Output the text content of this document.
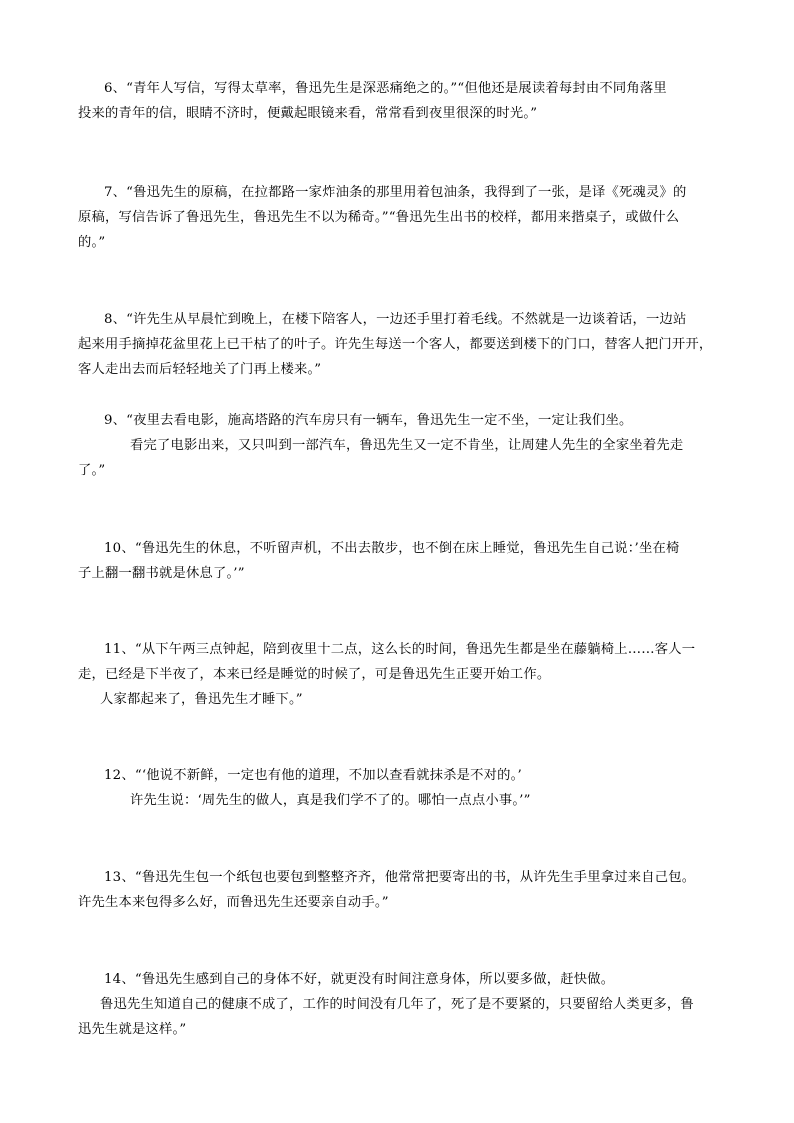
6、“青年人写信，写得太草率，鲁迅先生是深恶痛绝之的。”“但他还是展读着每封由不同角落里
投来的青年的信，眼睛不济时，便戴起眼镜来看，常常看到夜里很深的时光。”
7、“鲁迅先生的原稿，在拉都路一家炸油条的那里用着包油条，我得到了一张，是译《死魂灵》的
原稿，写信告诉了鲁迅先生，鲁迅先生不以为稀奇。”“鲁迅先生出书的校样，都用来揩桌子，或做什么
的。”
8、“许先生从早晨忙到晚上，在楼下陪客人，一边还手里打着毛线。不然就是一边谈着话，一边站
起来用手摘掉花盆里花上已干枯了的叶子。许先生每送一个客人，都要送到楼下的门口，替客人把门开开，
客人走出去而后轻轻地关了门再上楼来。”
9、“夜里去看电影，施高塔路的汽车房只有一辆车，鲁迅先生一定不坐，一定让我们坐。
看完了电影出来，又只叫到一部汽车，鲁迅先生又一定不肯坐，让周建人先生的全家坐着先走
了。”
10、“鲁迅先生的休息，不听留声机，不出去散步，也不倒在床上睡觉，鲁迅先生自己说：’坐在椅
子上翻一翻书就是休息了。’”
11、“从下午两三点钟起，陪到夜里十二点，这么长的时间，鲁迅先生都是坐在藤躺椅上……客人一
走，已经是下半夜了，本来已经是睡觉的时候了，可是鲁迅先生正要开始工作。
人家都起来了，鲁迅先生才睡下。”
12、“‘他说不新鲜，一定也有他的道理，不加以查看就抹杀是不对的。’
许先生说：‘周先生的做人，真是我们学不了的。哪怕一点点小事。’”
13、“鲁迅先生包一个纸包也要包到整整齐齐，他常常把要寄出的书，从许先生手里拿过来自己包。
许先生本来包得多么好，而鲁迅先生还要亲自动手。”
14、“鲁迅先生感到自己的身体不好，就更没有时间注意身体，所以要多做，赶快做。
鲁迅先生知道自己的健康不成了，工作的时间没有几年了，死了是不要紧的，只要留给人类更多，鲁
迅先生就是这样。”
